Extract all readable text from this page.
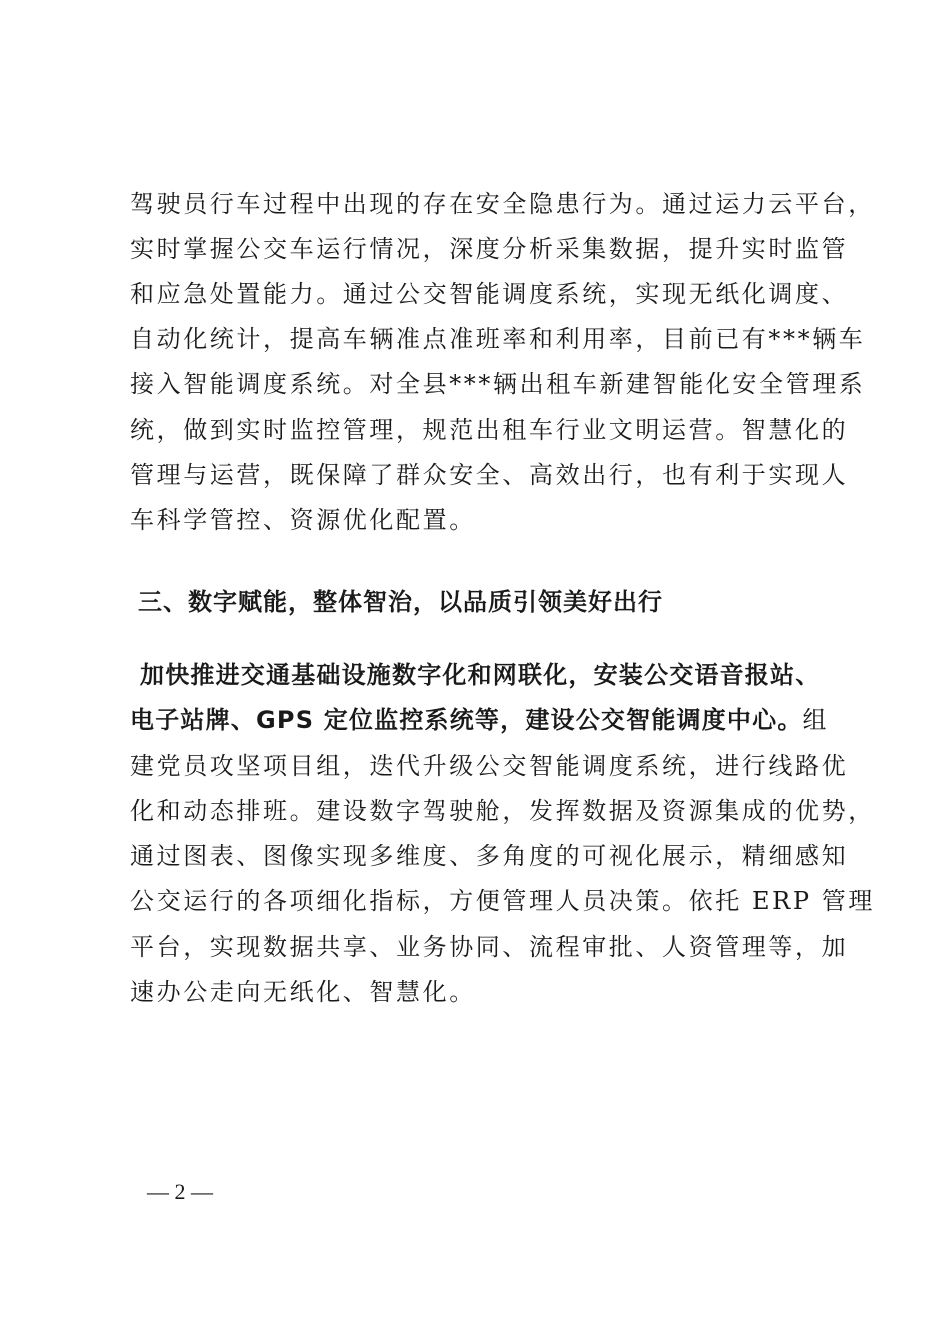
驾驶员行车过程中出现的存在安全隐患行为。通过运力云平台，
实时掌握公交车运行情况，深度分析采集数据，提升实时监管
和应急处置能力。通过公交智能调度系统，实现无纸化调度、
自动化统计，提高车辆准点准班率和利用率，目前已有***辆车
接入智能调度系统。对全县***辆出租车新建智能化安全管理系
统，做到实时监控管理，规范出租车行业文明运营。智慧化的
管理与运营，既保障了群众安全、高效出行，也有利于实现人
车科学管控、资源优化配置。
三、数字赋能，整体智治，以品质引领美好出行
加快推进交通基础设施数字化和网联化，安装公交语音报站、
电子站牌、GPS 定位监控系统等，建设公交智能调度中心。组
建党员攻坚项目组，迭代升级公交智能调度系统，进行线路优
化和动态排班。建设数字驾驶舱，发挥数据及资源集成的优势，
通过图表、图像实现多维度、多角度的可视化展示，精细感知
公交运行的各项细化指标，方便管理人员决策。依托 ERP 管理
平台，实现数据共享、业务协同、流程审批、人资管理等，加
速办公走向无纸化、智慧化。
— 2 —
